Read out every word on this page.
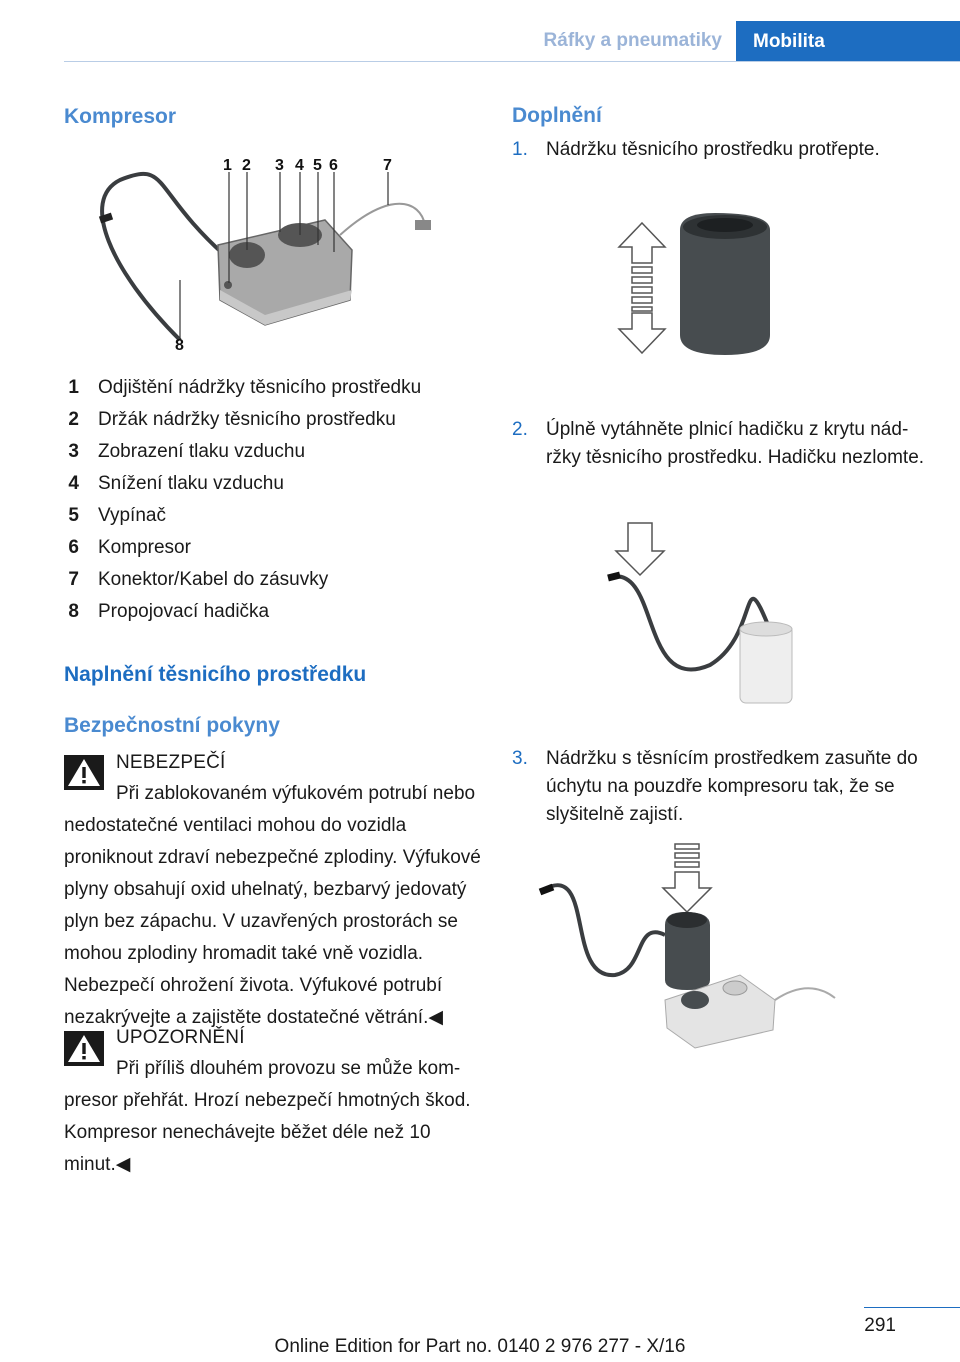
Ráfky a pneumatiky	Mobilita
Kompresor
1 2 3 4 5 6	7
8
1 Odjištění nádržky těsnicího prostředku
2 Držák nádržky těsnicího prostředku
3 Zobrazení tlaku vzduchu
4 Snížení tlaku vzduchu
5 Vypínač
6 Kompresor
7 Konektor/Kabel do zásuvky
8 Propojovací hadička
Naplnění těsnicího prostředku
Bezpečnostní pokyny
NEBEZPEČÍ
Při zablokovaném výfukovém potrubí nebo nedostatečné ventilaci mohou do vozidla proniknout zdraví nebezpečné zplodiny. Výfukové plyny obsahují oxid uhelnatý, bezbarvý jedovatý plyn bez zápachu. V uzavřených prostorách se mohou zplodiny hromadit také vně vozidla. Nebezpečí ohrožení života. Výfukové potrubí nezakrývejte a zajistěte dostatečné větrání.◀
UPOZORNĚNÍ
Při příliš dlouhém provozu se může kompresor přehřát. Hrozí nebezpečí hmotných škod. Kompresor nenechávejte běžet déle než 10 minut.◀
Doplnění
1. Nádržku těsnicího prostředku protřepte.
2. Úplně vytáhněte plnicí hadičku z krytu nádržky těsnicího prostředku. Hadičku nezlomte.
3. Nádržku s těsnícím prostředkem zasuňte do úchytu na pouzdře kompresoru tak, že se slyšitelně zajistí.
291
Online Edition for Part no. 0140 2 976 277 - X/16
